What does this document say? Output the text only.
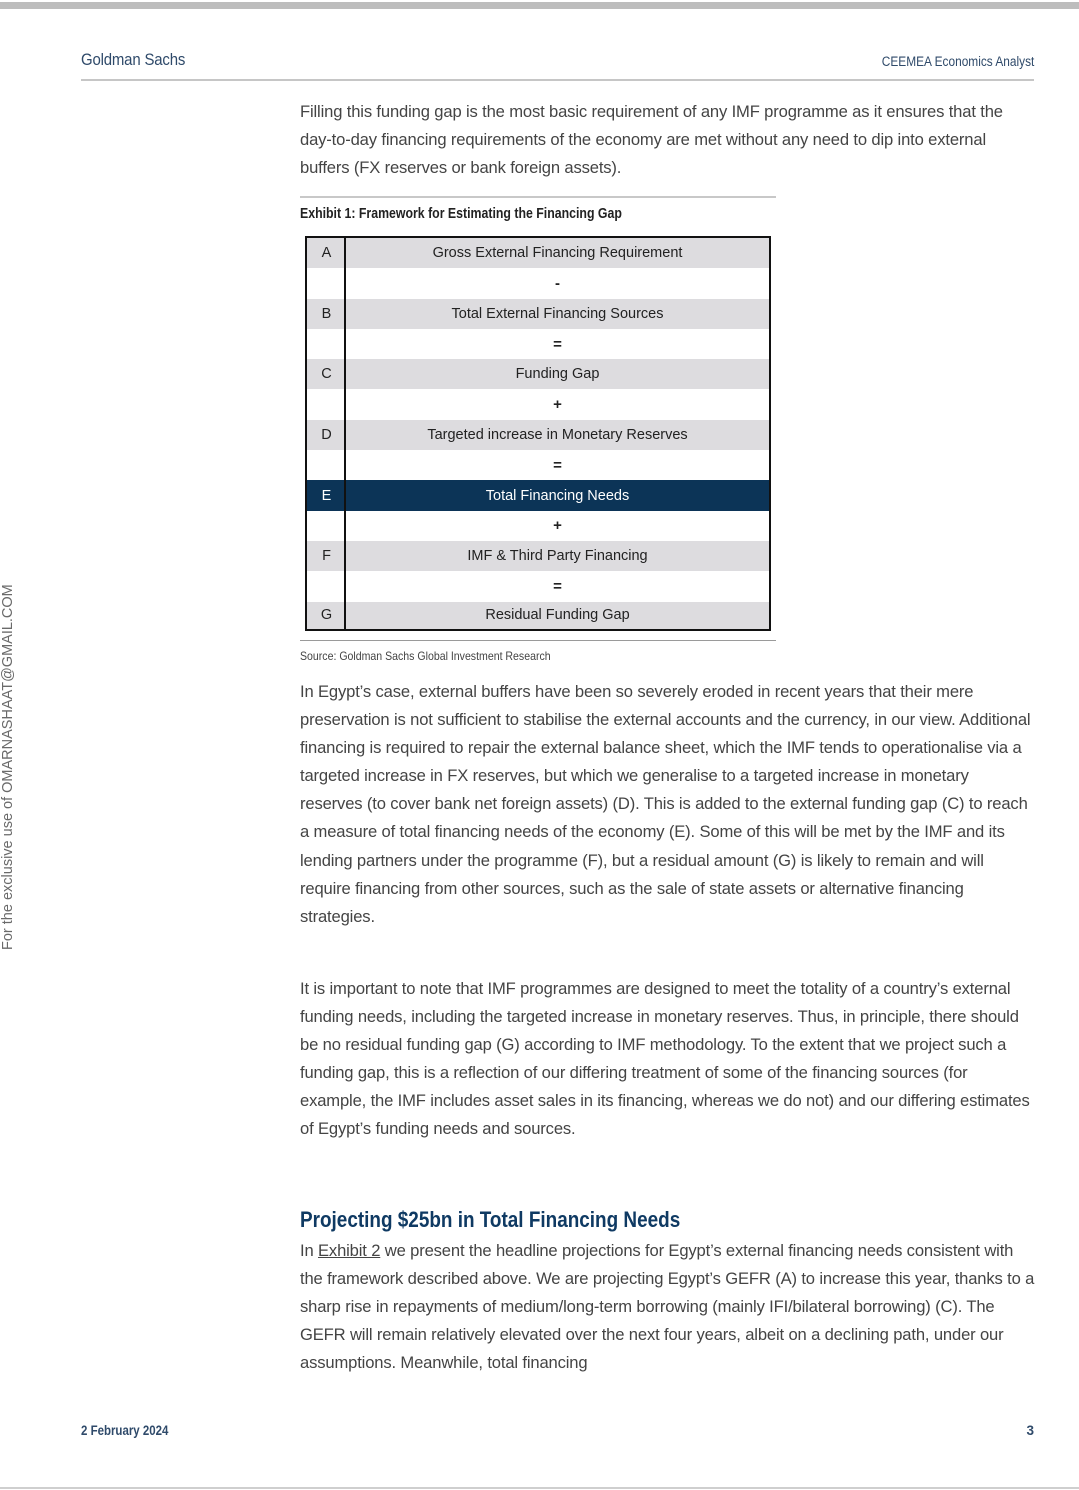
Goldman Sachs	CEEMEA Economics Analyst
For the exclusive use of OMARNASHAAT@GMAIL.COM

Filling this funding gap is the most basic requirement of any IMF programme as it ensures that the day-to-day financing requirements of the economy are met without any need to dip into external buffers (FX reserves or bank foreign assets).

Exhibit 1: Framework for Estimating the Financing Gap
A	Gross External Financing Requirement
-
B	Total External Financing Sources
=
C	Funding Gap
+
D	Targeted increase in Monetary Reserves
=
E	Total Financing Needs
+
F	IMF & Third Party Financing
=
G	Residual Funding Gap
Source: Goldman Sachs Global Investment Research

In Egypt’s case, external buffers have been so severely eroded in recent years that their mere preservation is not sufficient to stabilise the external accounts and the currency, in our view. Additional financing is required to repair the external balance sheet, which the IMF tends to operationalise via a targeted increase in FX reserves, but which we generalise to a targeted increase in monetary reserves (to cover bank net foreign assets) (D). This is added to the external funding gap (C) to reach a measure of total financing needs of the economy (E). Some of this will be met by the IMF and its lending partners under the programme (F), but a residual amount (G) is likely to remain and will require financing from other sources, such as the sale of state assets or alternative financing strategies.

It is important to note that IMF programmes are designed to meet the totality of a country’s external funding needs, including the targeted increase in monetary reserves. Thus, in principle, there should be no residual funding gap (G) according to IMF methodology. To the extent that we project such a funding gap, this is a reflection of our differing treatment of some of the financing sources (for example, the IMF includes asset sales in its financing, whereas we do not) and our differing estimates of Egypt’s funding needs and sources.

Projecting $25bn in Total Financing Needs

In Exhibit 2 we present the headline projections for Egypt’s external financing needs consistent with the framework described above. We are projecting Egypt’s GEFR (A) to increase this year, thanks to a sharp rise in repayments of medium/long-term borrowing (mainly IFI/bilateral borrowing) (C). The GEFR will remain relatively elevated over the next four years, albeit on a declining path, under our assumptions. Meanwhile, total financing

2 February 2024	3
